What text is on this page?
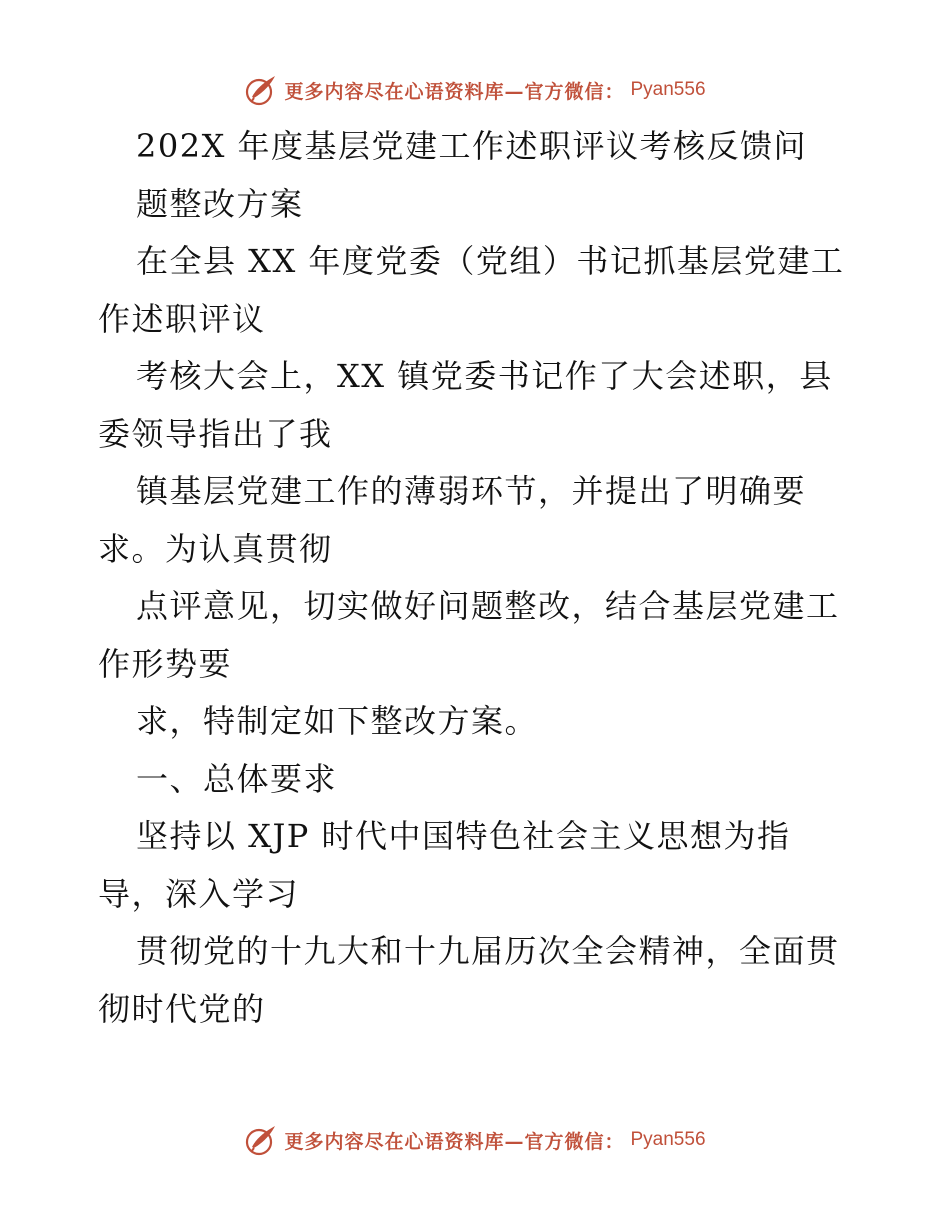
更多内容尽在心语资料库—官方微信： Pyan556
202X 年度基层党建工作述职评议考核反馈问
题整改方案
在全县 XX 年度党委（党组）书记抓基层党建工
作述职评议
考核大会上，XX 镇党委书记作了大会述职，县
委领导指出了我
镇基层党建工作的薄弱环节，并提出了明确要
求。为认真贯彻
点评意见，切实做好问题整改，结合基层党建工
作形势要
求，特制定如下整改方案。
一、总体要求
坚持以 XJP 时代中国特色社会主义思想为指
导，深入学习
贯彻党的十九大和十九届历次全会精神，全面贯
彻时代党的
更多内容尽在心语资料库—官方微信： Pyan556
